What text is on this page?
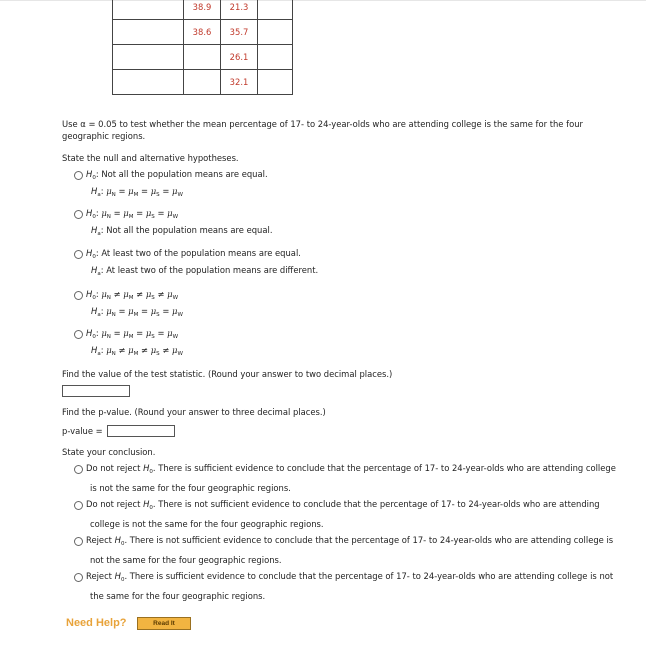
	38.9	21.3	
	38.6	35.7	
		26.1	
		32.1	
Use α = 0.05 to test whether the mean percentage of 17- to 24-year-olds who are attending college is the same for the four
geographic regions.
State the null and alternative hypotheses.
$H_0$: Not all the population means are equal.
$H_a$: $\mu_N = \mu_M = \mu_S = \mu_W$
$H_0$: $\mu_N = \mu_M = \mu_S = \mu_W$
$H_a$: Not all the population means are equal.
$H_0$: At least two of the population means are equal.
$H_a$: At least two of the population means are different.
$H_0$: $\mu_N \ne \mu_M \ne \mu_S \ne \mu_W$
$H_a$: $\mu_N = \mu_M = \mu_S = \mu_W$
$H_0$: $\mu_N = \mu_M = \mu_S = \mu_W$
$H_a$: $\mu_N \ne \mu_M \ne \mu_S \ne \mu_W$
Find the value of the test statistic. (Round your answer to two decimal places.)
Find the p-value. (Round your answer to three decimal places.)
p-value =
State your conclusion.
Do not reject $H_0$. There is sufficient evidence to conclude that the percentage of 17- to 24-year-olds who are attending college
is not the same for the four geographic regions.
Do not reject $H_0$. There is not sufficient evidence to conclude that the percentage of 17- to 24-year-olds who are attending
college is not the same for the four geographic regions.
Reject $H_0$. There is not sufficient evidence to conclude that the percentage of 17- to 24-year-olds who are attending college is
not the same for the four geographic regions.
Reject $H_0$. There is sufficient evidence to conclude that the percentage of 17- to 24-year-olds who are attending college is not
the same for the four geographic regions.
Need Help?	Read It
